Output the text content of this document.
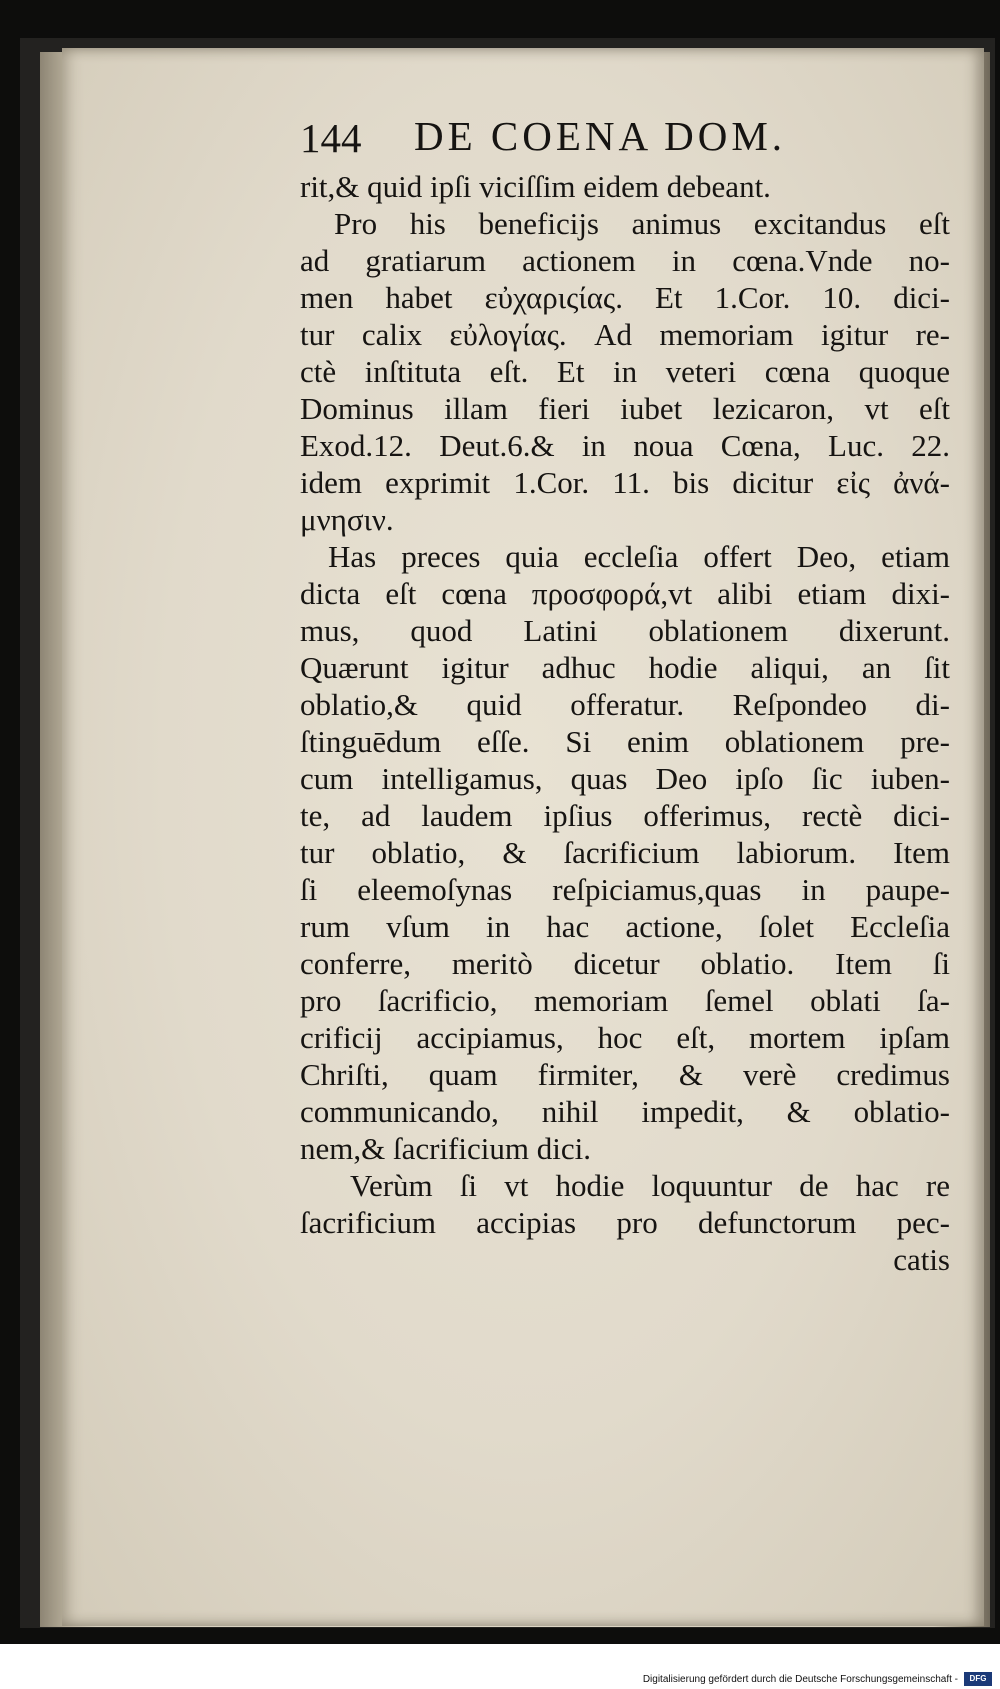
144 DE COENA DOM.
rit,& quid ipſi viciſſim eidem debeant.
Pro his beneficijs animus excitandus eſt
ad gratiarum actionem in cœna.Vnde no-
men habet εὐχαριςίας. Et 1.Cor. 10. dici-
tur calix εὐλογίας. Ad memoriam igitur re-
ctè inſtituta eſt. Et in veteri cœna quoque
Dominus illam fieri iubet lezicaron, vt eſt
Exod.12. Deut.6.& in noua Cœna, Luc. 22.
idem exprimit 1.Cor. 11. bis dicitur εἰς ἀνά-
μνησιν.
Has preces quia eccleſia offert Deo, etiam
dicta eſt cœna προσφορά,vt alibi etiam dixi-
mus, quod Latini oblationem dixerunt.
Quærunt igitur adhuc hodie aliqui, an ſit
oblatio,& quid offeratur. Reſpondeo di-
ſtinguēdum eſſe. Si enim oblationem pre-
cum intelligamus, quas Deo ipſo ſic iuben-
te, ad laudem ipſius offerimus, rectè dici-
tur oblatio, & ſacrificium labiorum. Item
ſi eleemoſynas reſpiciamus,quas in paupe-
rum vſum in hac actione, ſolet Eccleſia
conferre, meritò dicetur oblatio. Item ſi
pro ſacrificio, memoriam ſemel oblati ſa-
crificij accipiamus, hoc eſt, mortem ipſam
Chriſti, quam firmiter, & verè credimus
communicando, nihil impedit, & oblatio-
nem,& ſacrificium dici.
Verùm ſi vt hodie loquuntur de hac re
ſacrificium accipias pro defunctorum pec-
catis
Digitalisierung gefördert durch die Deutsche Forschungsgemeinschaft -	DFG
